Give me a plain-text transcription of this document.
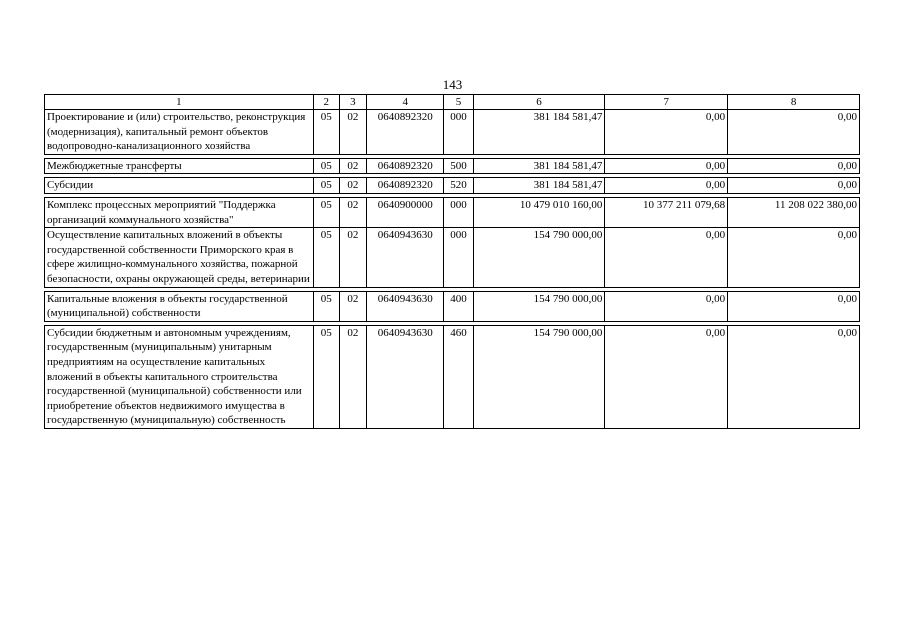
143
1	2	3	4	5	6	7	8
Проектирование и (или) строительство, реконструкция (модернизация), капитальный ремонт объектов водопроводно-канализационного хозяйства	05	02	0640892320	000	381 184 581,47	0,00	0,00

Межбюджетные трансферты	05	02	0640892320	500	381 184 581,47	0,00	0,00

Субсидии	05	02	0640892320	520	381 184 581,47	0,00	0,00

Комплекс процессных мероприятий "Поддержка организаций коммунального хозяйства"	05	02	0640900000	000	10 479 010 160,00	10 377 211 079,68	11 208 022 380,00
Осуществление капитальных вложений в объекты государственной собственности Приморского края в сфере жилищно-коммунального хозяйства, пожарной безопасности, охраны окружающей среды, ветеринарии	05	02	0640943630	000	154 790 000,00	0,00	0,00

Капитальные вложения в объекты государственной (муниципальной) собственности	05	02	0640943630	400	154 790 000,00	0,00	0,00

Субсидии бюджетным и автономным учреждениям, государственным (муниципальным) унитарным предприятиям на осуществление капитальных вложений в объекты капитального строительства государственной (муниципальной) собственности или приобретение объектов недвижимого имущества в государственную (муниципальную) собственность	05	02	0640943630	460	154 790 000,00	0,00	0,00
